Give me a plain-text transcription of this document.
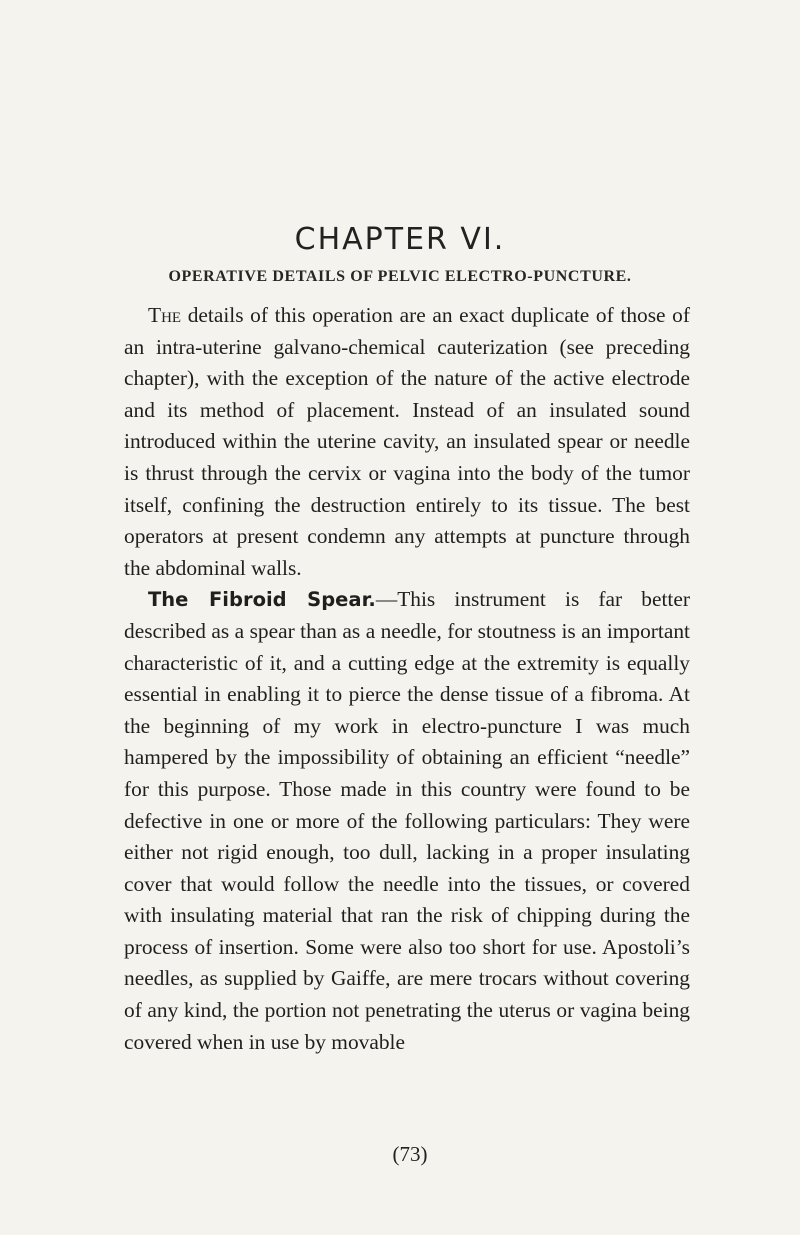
CHAPTER VI.
OPERATIVE DETAILS OF PELVIC ELECTRO-PUNCTURE.

The details of this operation are an exact duplicate of those of an intra-uterine galvano-chemical cauterization (see preceding chapter), with the exception of the nature of the active electrode and its method of placement. Instead of an insulated sound introduced within the uterine cavity, an insulated spear or needle is thrust through the cervix or vagina into the body of the tumor itself, confining the destruction entirely to its tissue. The best operators at present condemn any attempts at puncture through the abdominal walls.

The Fibroid Spear.—This instrument is far better described as a spear than as a needle, for stoutness is an important characteristic of it, and a cutting edge at the extremity is equally essential in enabling it to pierce the dense tissue of a fibroma. At the beginning of my work in electro-puncture I was much hampered by the impossibility of obtaining an efficient “needle” for this purpose. Those made in this country were found to be defective in one or more of the following particulars: They were either not rigid enough, too dull, lacking in a proper insulating cover that would follow the needle into the tissues, or covered with insulating material that ran the risk of chipping during the process of insertion. Some were also too short for use. Apostoli’s needles, as supplied by Gaiffe, are mere trocars without covering of any kind, the portion not penetrating the uterus or vagina being covered when in use by movable

(73)
